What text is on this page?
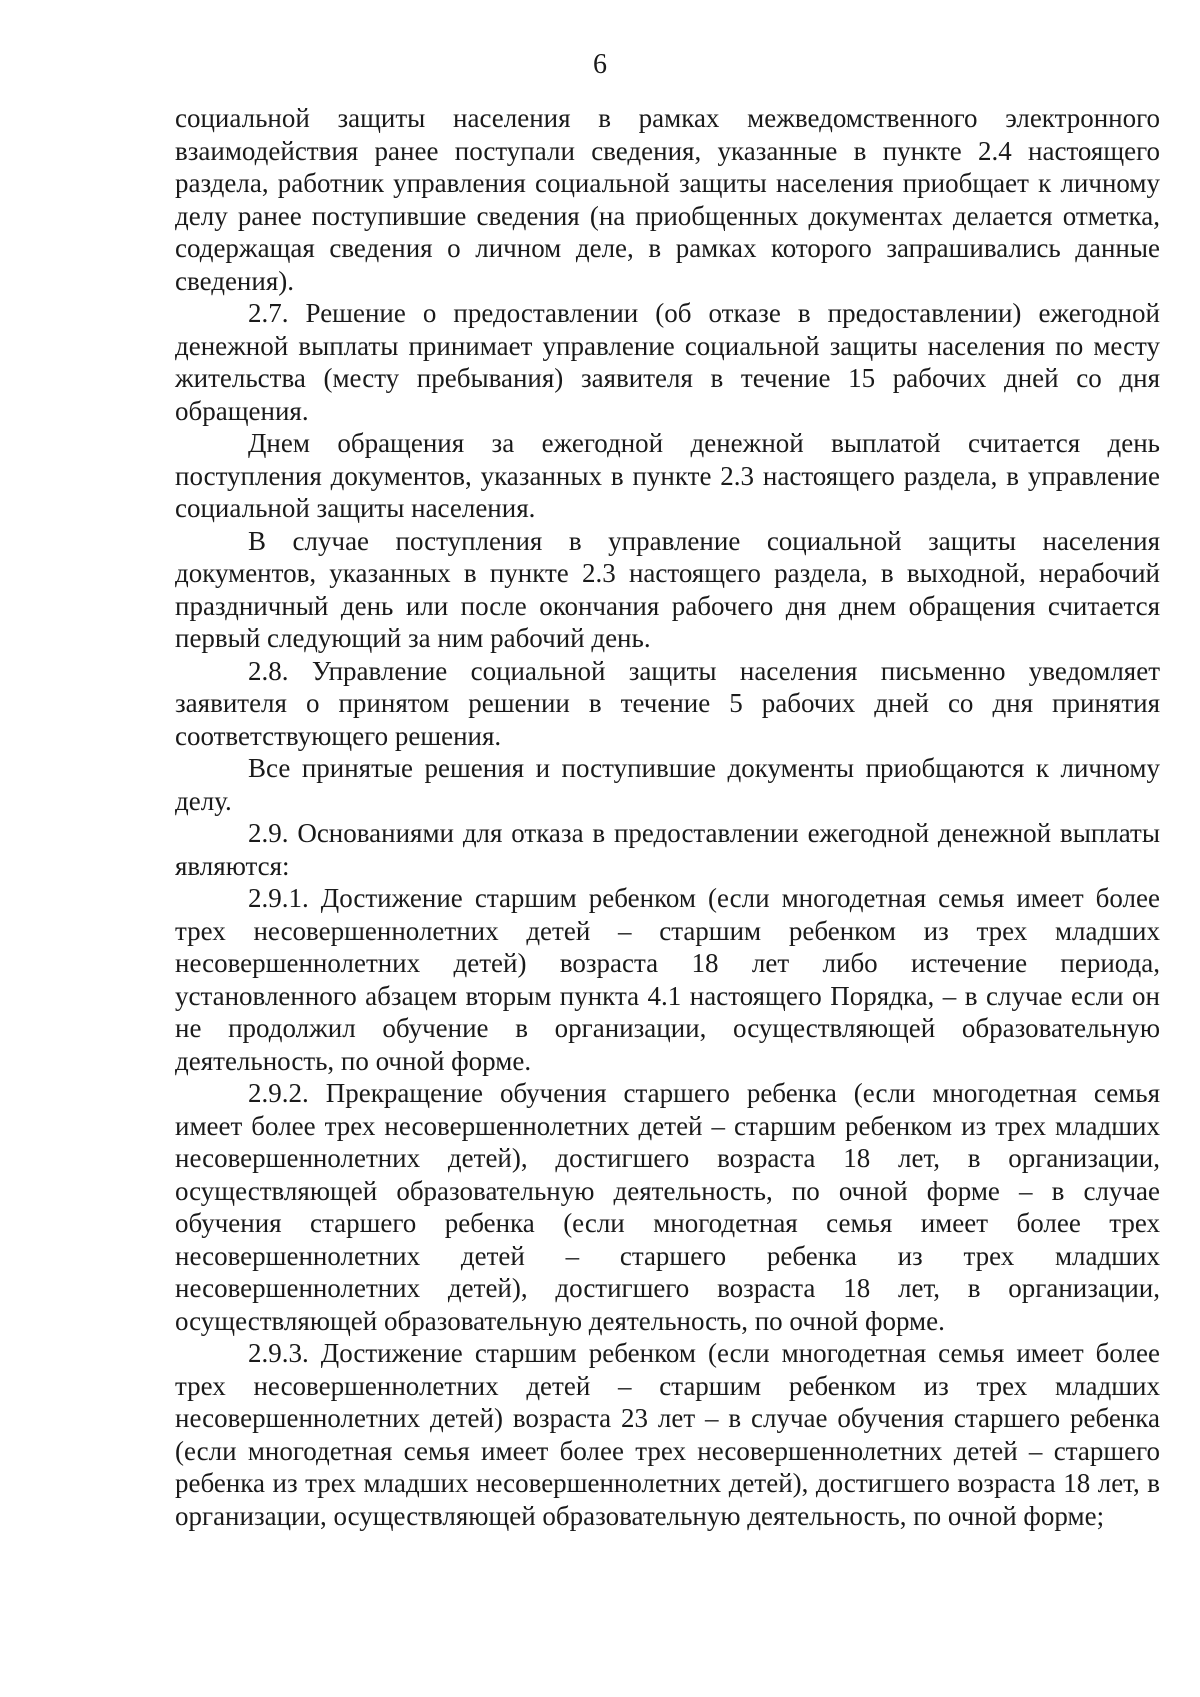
6

социальной защиты населения в рамках межведомственного электронного взаимодействия ранее поступали сведения, указанные в пункте 2.4 настоящего раздела, работник управления социальной защиты населения приобщает к личному делу ранее поступившие сведения (на приобщенных документах делается отметка, содержащая сведения о личном деле, в рамках которого запрашивались данные сведения).

2.7. Решение о предоставлении (об отказе в предоставлении) ежегодной денежной выплаты принимает управление социальной защиты населения по месту жительства (месту пребывания) заявителя в течение 15 рабочих дней со дня обращения.

Днем обращения за ежегодной денежной выплатой считается день поступления документов, указанных в пункте 2.3 настоящего раздела, в управление социальной защиты населения.

В случае поступления в управление социальной защиты населения документов, указанных в пункте 2.3 настоящего раздела, в выходной, нерабочий праздничный день или после окончания рабочего дня днем обращения считается первый следующий за ним рабочий день.

2.8. Управление социальной защиты населения письменно уведомляет заявителя о принятом решении в течение 5 рабочих дней со дня принятия соответствующего решения.

Все принятые решения и поступившие документы приобщаются к личному делу.

2.9. Основаниями для отказа в предоставлении ежегодной денежной выплаты являются:

2.9.1. Достижение старшим ребенком (если многодетная семья имеет более трех несовершеннолетних детей – старшим ребенком из трех младших несовершеннолетних детей) возраста 18 лет либо истечение периода, установленного абзацем вторым пункта 4.1 настоящего Порядка, – в случае если он не продолжил обучение в организации, осуществляющей образовательную деятельность, по очной форме.

2.9.2. Прекращение обучения старшего ребенка (если многодетная семья имеет более трех несовершеннолетних детей – старшим ребенком из трех младших несовершеннолетних детей), достигшего возраста 18 лет, в организации, осуществляющей образовательную деятельность, по очной форме – в случае обучения старшего ребенка (если многодетная семья имеет более трех несовершеннолетних детей – старшего ребенка из трех младших несовершеннолетних детей), достигшего возраста 18 лет, в организации, осуществляющей образовательную деятельность, по очной форме.

2.9.3. Достижение старшим ребенком (если многодетная семья имеет более трех несовершеннолетних детей – старшим ребенком из трех младших несовершеннолетних детей) возраста 23 лет – в случае обучения старшего ребенка (если многодетная семья имеет более трех несовершеннолетних детей – старшего ребенка из трех младших несовершеннолетних детей), достигшего возраста 18 лет, в организации, осуществляющей образовательную деятельность, по очной форме;
